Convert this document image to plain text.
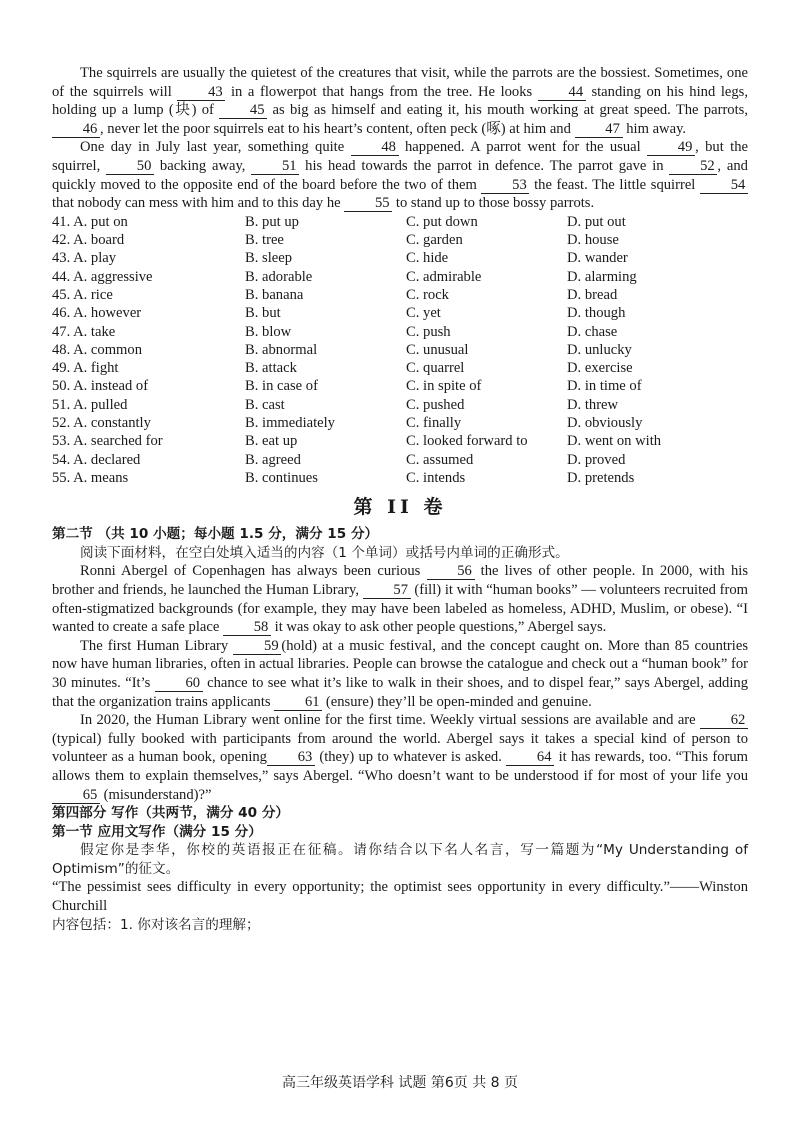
The squirrels are usually the quietest of the creatures that visit, while the parrots are the bossiest. Sometimes, one of the squirrels will 43 in a flowerpot that hangs from the tree. He looks 44 standing on his hind legs, holding up a lump (块) of 45 as big as himself and eating it, his mouth working at great speed. The parrots, 46 , never let the poor squirrels eat to his heart’s content, often peck (啄) at him and 47 him away.

One day in July last year, something quite	48 happened. A parrot went for the usual	49 , but the squirrel,	50 backing away,	51 his head towards the parrot in defence. The parrot gave in	52 , and quickly moved to the opposite end of the board before the two of them 53 the feast. The little squirrel 54 that nobody can mess with him and to this day he 55 to stand up to those bossy parrots.

41. A. put on	B. put up	C. put down	D. put out
42. A. board	B. tree	C. garden	D. house
43. A. play	B. sleep	C. hide	D. wander
44. A. aggressive	B. adorable	C. admirable	D. alarming
45. A. rice	B. banana	C. rock	D. bread
46. A. however	B. but	C. yet	D. though
47. A. take	B. blow	C. push	D. chase
48. A. common	B. abnormal	C. unusual	D. unlucky
49. A. fight	B. attack	C. quarrel	D. exercise
50. A. instead of	B. in case of	C. in spite of	D. in time of
51. A. pulled	B. cast	C. pushed	D. threw
52. A. constantly	B. immediately	C. finally	D. obviously
53. A. searched for	B. eat up	C. looked forward to	D. went on with
54. A. declared	B. agreed	C. assumed	D. proved
55. A. means	B. continues	C. intends	D. pretends
第 II 卷
第二节 （共 10 小题；每小题 1.5 分，满分 15 分）

阅读下面材料，在空白处填入适当的内容（1 个单词）或括号内单词的正确形式。

Ronni Abergel of Copenhagen has always been curious	56 the lives of other people. In 2000, with his brother and friends, he launched the Human Library, 57 (fill) it with “human books” — volunteers recruited from often-stigmatized backgrounds (for example, they may have been labeled as homeless, ADHD, Muslim, or obese). “I wanted to create a safe place 58 it was okay to ask other people questions,” Abergel says.

The first Human Library 59 (hold) at a music festival, and the concept caught on. More than 85 countries now have human libraries, often in actual libraries. People can browse the catalogue and check out a “human book” for 30 minutes. “It’s 60 chance to see what it’s like to walk in their shoes, and to dispel fear,” says Abergel, adding that the organization trains applicants 61 (ensure) they’ll be open-minded and genuine.

In 2020, the Human Library went online for the first time. Weekly virtual sessions are available and are 62 (typical) fully booked with participants from around the world. Abergel says it takes a special kind of person to volunteer as a human book, opening 63 (they) up to whatever is asked. 64 it has rewards, too. “This forum allows them to explain themselves,” says Abergel. “Who doesn’t want to be understood if for most of your life you 65 (misunderstand)?”

第四部分 写作（共两节，满分 40 分）
第一节 应用文写作（满分 15 分）

假定你是李华，你校的英语报正在征稿。请你结合以下名人名言，写一篇题为“My Understanding of Optimism”的征文。

“The pessimist sees difficulty in every opportunity; the optimist sees opportunity in every difficulty.”——Winston Churchill

内容包括：1. 你对该名言的理解；

高三年级英语学科 试题 第6页 共 8 页
